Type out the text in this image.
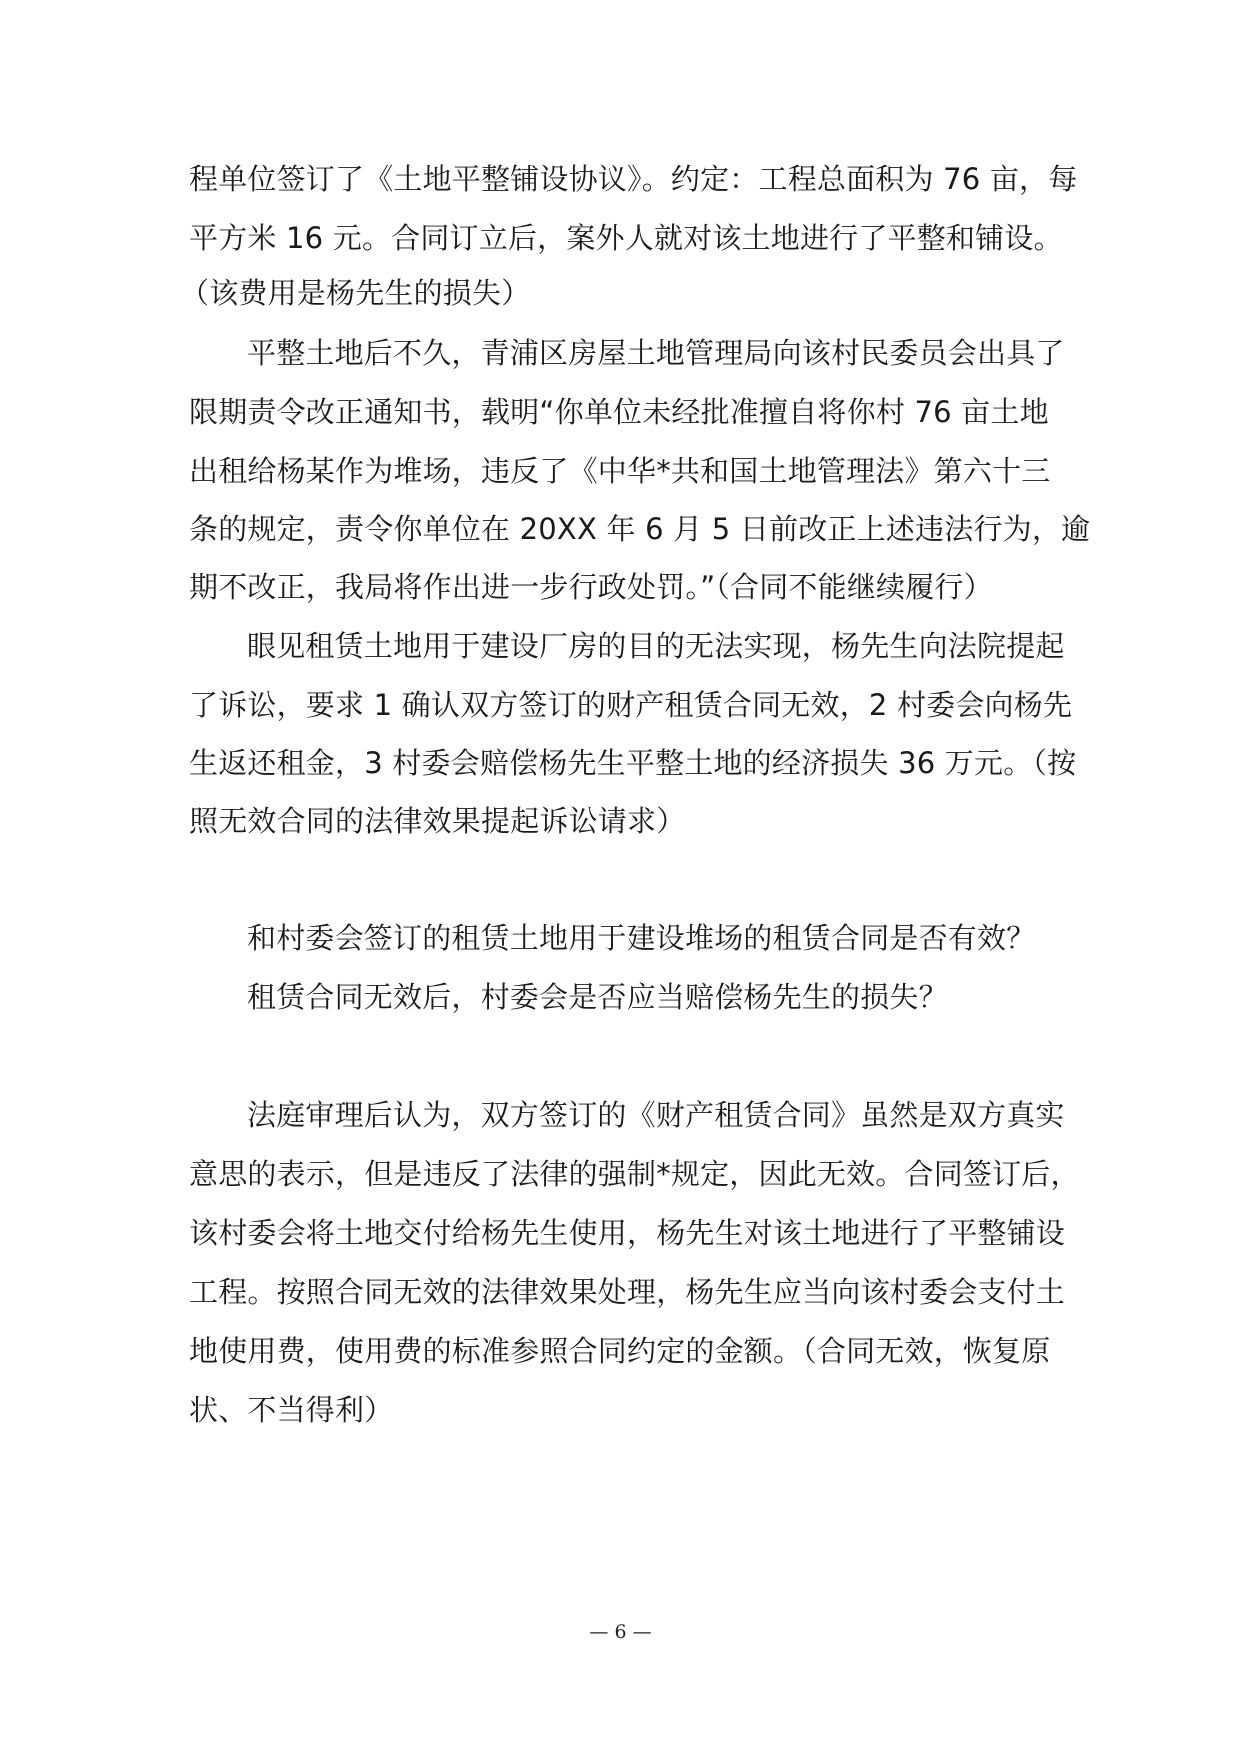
程单位签订了《土地平整铺设协议》。约定：工程总面积为 76 亩，每
平方米 16 元。合同订立后，案外人就对该土地进行了平整和铺设。
（该费用是杨先生的损失）
平整土地后不久，青浦区房屋土地管理局向该村民委员会出具了
限期责令改正通知书，载明“你单位未经批准擅自将你村 76 亩土地
出租给杨某作为堆场，违反了《中华*共和国土地管理法》第六十三
条的规定，责令你单位在 20XX 年 6 月 5 日前改正上述违法行为，逾
期不改正，我局将作出进一步行政处罚。”（合同不能继续履行）
眼见租赁土地用于建设厂房的目的无法实现，杨先生向法院提起
了诉讼，要求 1 确认双方签订的财产租赁合同无效，2 村委会向杨先
生返还租金，3 村委会赔偿杨先生平整土地的经济损失 36 万元。（按
照无效合同的法律效果提起诉讼请求）
和村委会签订的租赁土地用于建设堆场的租赁合同是否有效？
租赁合同无效后，村委会是否应当赔偿杨先生的损失？
法庭审理后认为，双方签订的《财产租赁合同》虽然是双方真实
意思的表示，但是违反了法律的强制*规定，因此无效。合同签订后，
该村委会将土地交付给杨先生使用，杨先生对该土地进行了平整铺设
工程。按照合同无效的法律效果处理，杨先生应当向该村委会支付土
地使用费，使用费的标准参照合同约定的金额。（合同无效，恢复原
状、不当得利）
— 6 —
